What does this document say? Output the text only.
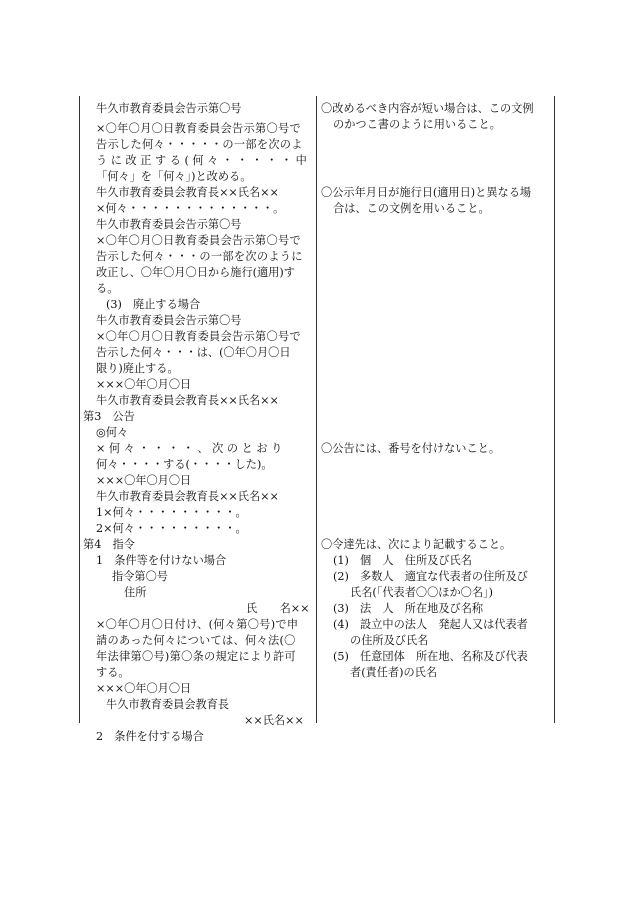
牛久市教育委員会告示第〇号
×〇年〇月〇日教育委員会告示第〇号で
告示した何々・・・・・の一部を次のよ
う に 改 正 す る ( 何 々 ・ ・ ・ ・ ・ 中
「何々」を「何々」)と改める。
牛久市教育委員会教育長××氏名××
×何々・・・・・・・・・・・・・。
牛久市教育委員会告示第〇号
×〇年〇月〇日教育委員会告示第〇号で
告示した何々・・・の一部を次のように
改正し、〇年〇月〇日から施行(適用)す
る。
(3)　廃止する場合
牛久市教育委員会告示第〇号
×〇年〇月〇日教育委員会告示第〇号で
告示した何々・・・は、(〇年〇月〇日
限り)廃止する。
×××〇年〇月〇日
牛久市教育委員会教育長××氏名××
第3　公告
◎何々
× 何 々 ・ ・ ・ ・ 、 次 の と お り
何々・・・・する(・・・・した)。
×××〇年〇月〇日
牛久市教育委員会教育長××氏名××
1×何々・・・・・・・・・。
2×何々・・・・・・・・・。
第4　指令
1　条件等を付けない場合
指令第〇号
住所
氏　　名××
×〇年〇月〇日付け、(何々第〇号)で申
請のあった何々については、何々法(〇
年法律第〇号)第〇条の規定により許可
する。
×××〇年〇月〇日
牛久市教育委員会教育長
××氏名××
2　条件を付する場合
〇改めるべき内容が短い場合は、この文例
のかつこ書のように用いること。
〇公示年月日が施行日(適用日)と異なる場
合は、この文例を用いること。
〇公告には、番号を付けないこと。
〇令達先は、次により記載すること。
(1)　個　人　住所及び氏名
(2)　多数人　適宜な代表者の住所及び
氏名(「代表者〇〇ほか〇名」)
(3)　法　人　所在地及び名称
(4)　設立中の法人　発起人又は代表者
の住所及び氏名
(5)　任意団体　所在地、名称及び代表
者(責任者)の氏名
